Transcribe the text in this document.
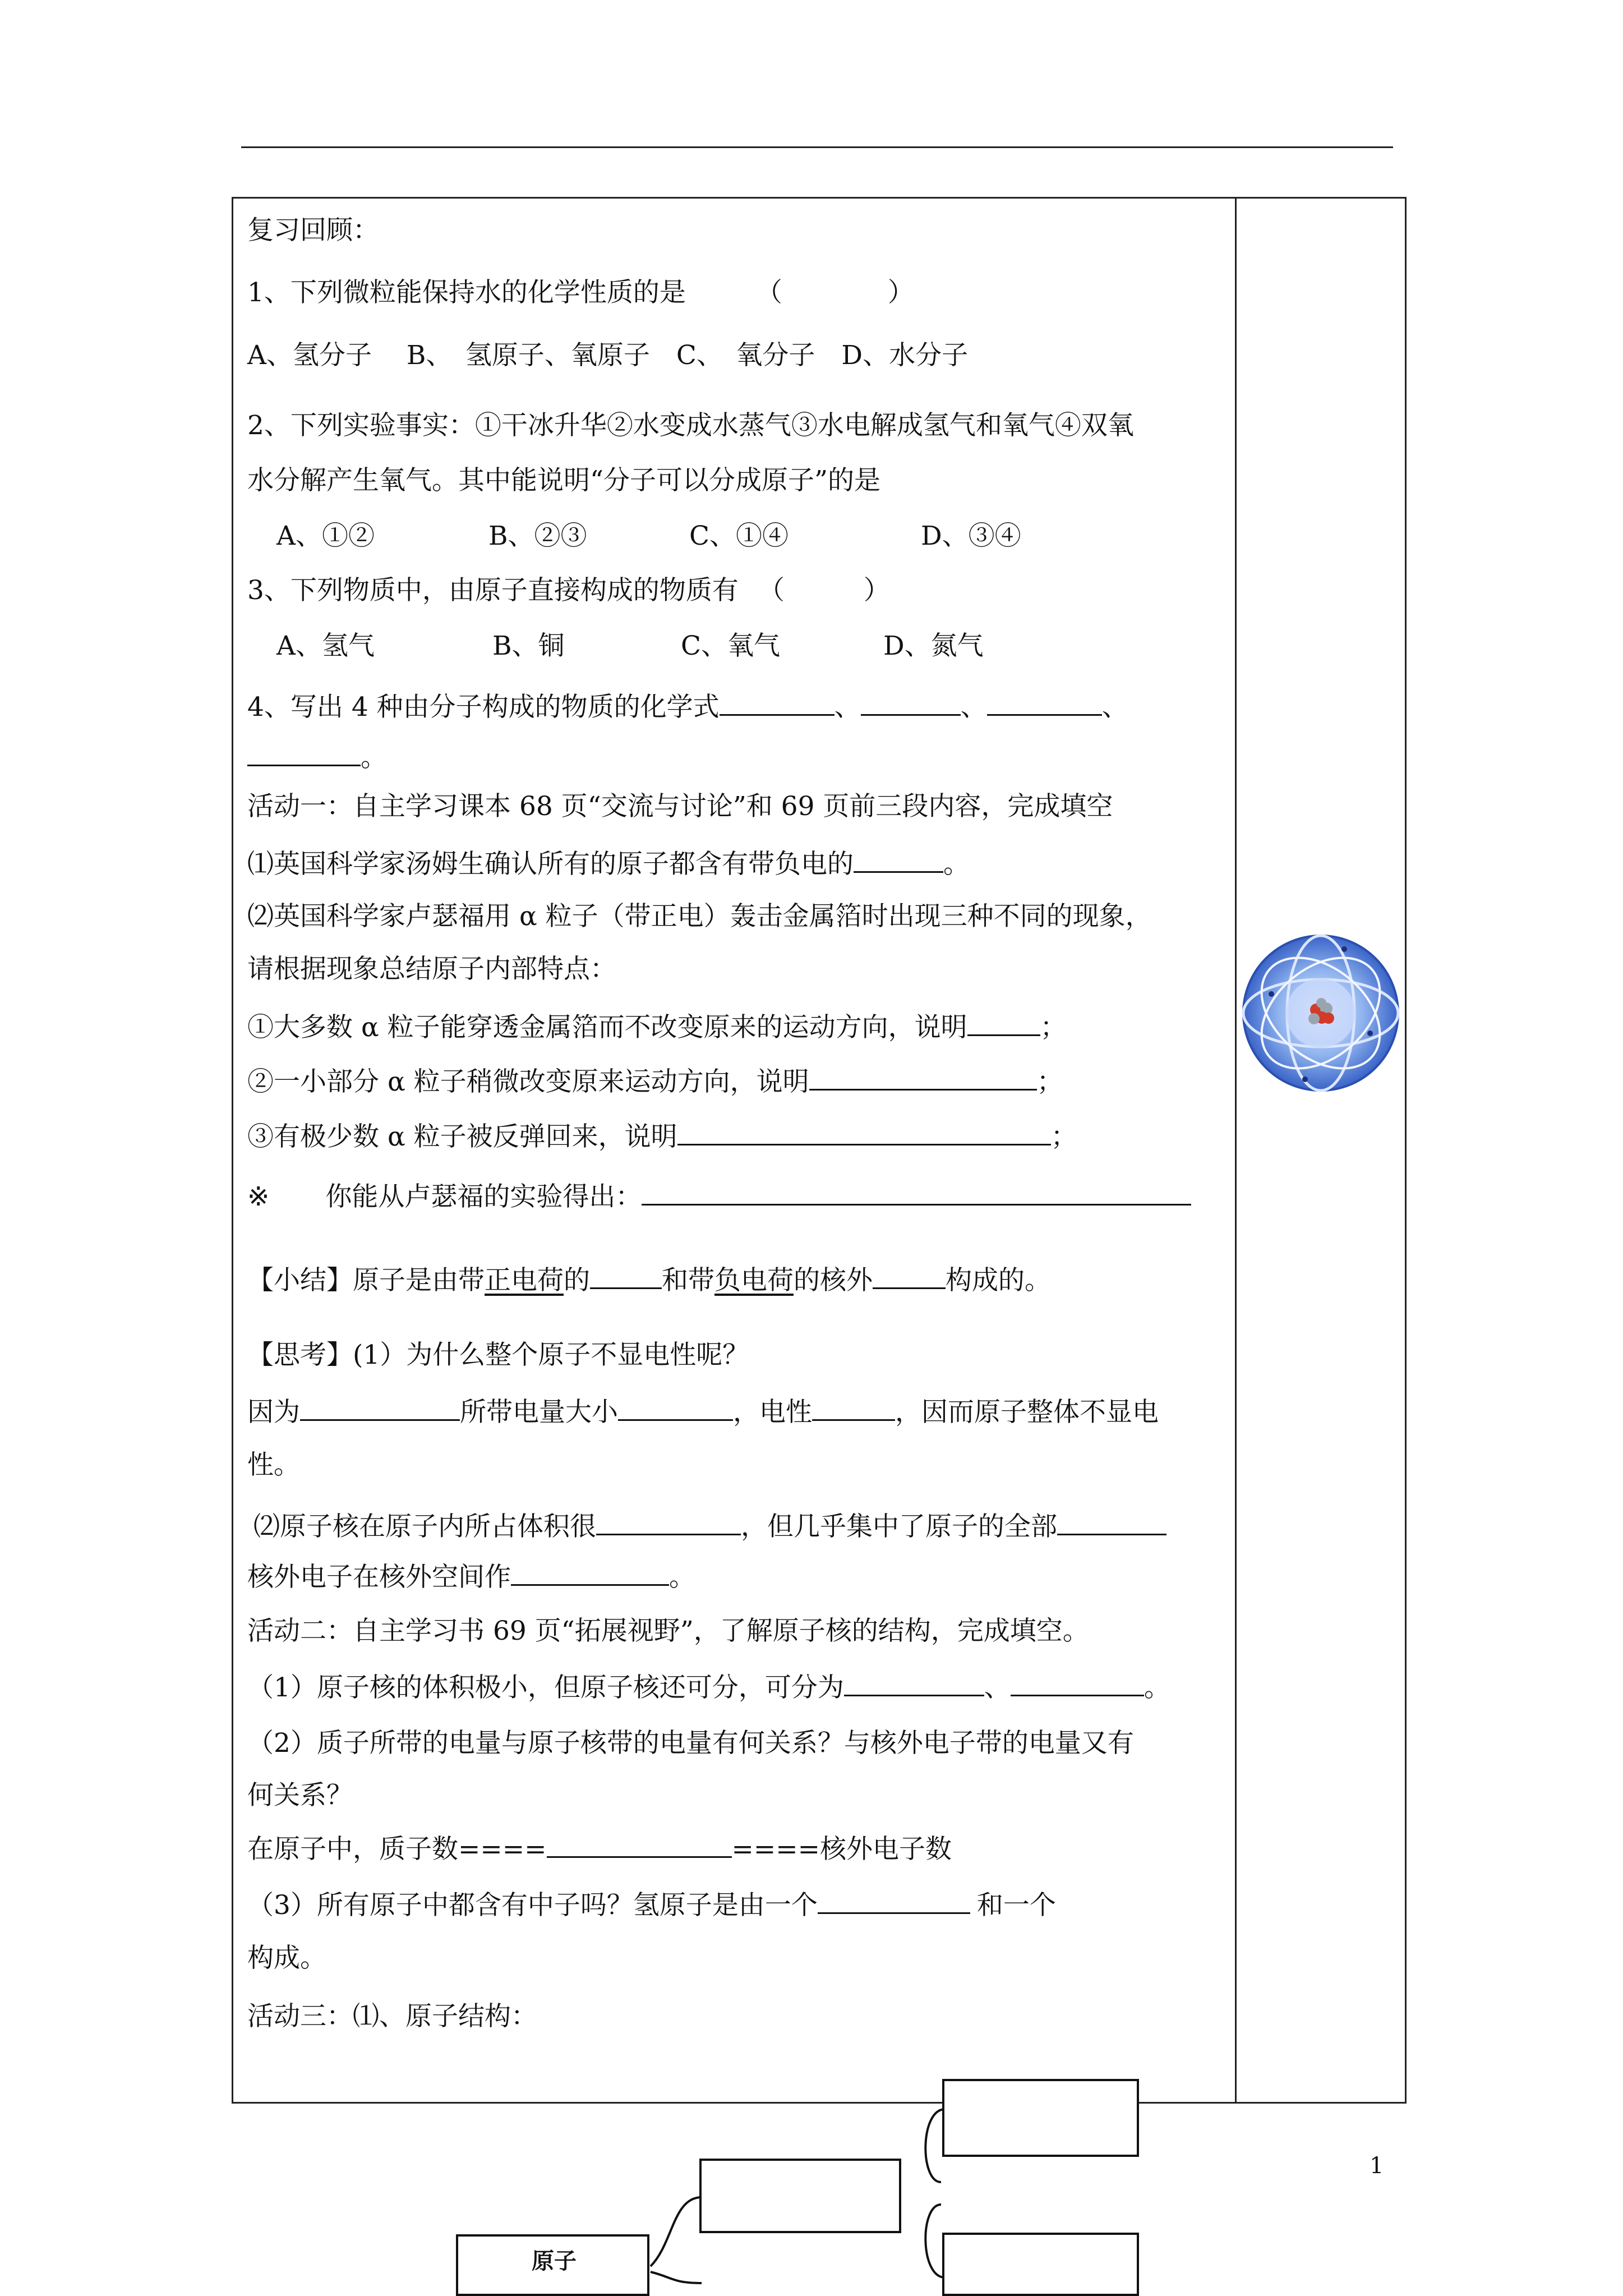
复习回顾：
1、下列微粒能保持水的化学性质的是	（　　　　）
A、氢分子　 B、　氢原子、氧原子　C、　氧分子　D、水分子
2、下列实验事实：①干冰升华②水变成水蒸气③水电解成氢气和氧气④双氧
水分解产生氧气。其中能说明“分子可以分成原子”的是
A、①②	B、②③	C、①④	D、③④
3、下列物质中，由原子直接构成的物质有 （　　　）
A、氢气	B、铜	C、氧气	D、氮气
4、写出 4 种由分子构成的物质的化学式	、	、	、
。
活动一：自主学习课本 68 页“交流与讨论”和 69 页前三段内容，完成填空
⑴英国科学家汤姆生确认所有的原子都含有带负电的	。
⑵英国科学家卢瑟福用 α 粒子（带正电）轰击金属箔时出现三种不同的现象，
请根据现象总结原子内部特点：
①大多数 α 粒子能穿透金属箔而不改变原来的运动方向，说明	；
②一小部分 α 粒子稍微改变原来运动方向，说明	；
③有极少数 α 粒子被反弹回来，说明	；
※ 你能从卢瑟福的实验得出：
【小结】原子是由带正电荷的	和带负电荷的核外	构成的。
【思考】(1）为什么整个原子不显电性呢？
因为	所带电量大小	，电性	，因而原子整体不显电
性。
⑵原子核在原子内所占体积很	，但几乎集中了原子的全部
核外电子在核外空间作	。
活动二：自主学习书 69 页“拓展视野”，了解原子核的结构，完成填空。
（1）原子核的体积极小，但原子核还可分，可分为	、	。
（2）质子所带的电量与原子核带的电量有何关系？与核外电子带的电量又有
何关系？
在原子中，质子数====	====核外电子数
（3）所有原子中都含有中子吗？氢原子是由一个	和一个
构成。
活动三：⑴、原子结构：
原子
1
